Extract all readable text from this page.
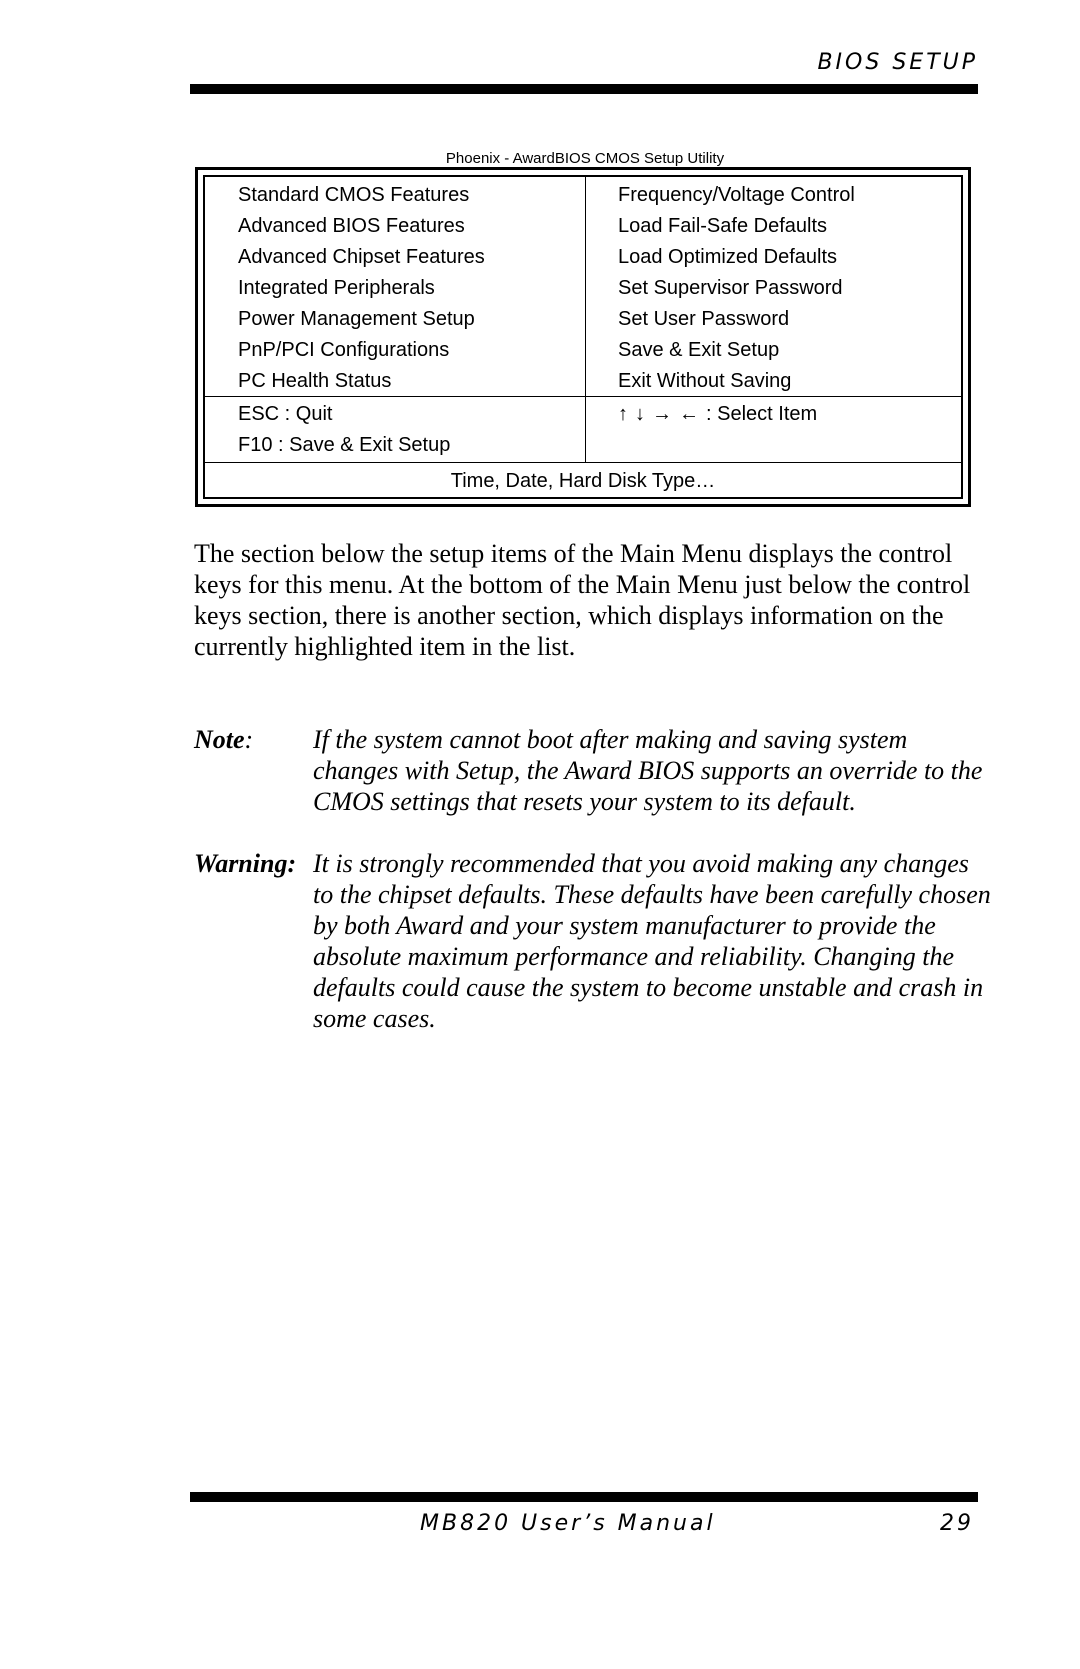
BIOS SETUP
Phoenix - AwardBIOS CMOS Setup Utility
Standard CMOS Features
Advanced BIOS Features
Advanced Chipset Features
Integrated Peripherals
Power Management Setup
PnP/PCI Configurations
PC Health Status
Frequency/Voltage Control
Load Fail-Safe Defaults
Load Optimized Defaults
Set Supervisor Password
Set User Password
Save & Exit Setup
Exit Without Saving
ESC : Quit
F10 : Save & Exit Setup
↑ ↓ → ← : Select Item
Time, Date, Hard Disk Type…
The section below the setup items of the Main Menu displays the control keys for this menu. At the bottom of the Main Menu just below the control keys section, there is another section, which displays information on the currently highlighted item in the list.
Note: If the system cannot boot after making and saving system changes with Setup, the Award BIOS supports an override to the CMOS settings that resets your system to its default.
Warning: It is strongly recommended that you avoid making any changes to the chipset defaults. These defaults have been carefully chosen by both Award and your system manufacturer to provide the absolute maximum performance and reliability. Changing the defaults could cause the system to become unstable and crash in some cases.
MB820 User’s Manual	29
